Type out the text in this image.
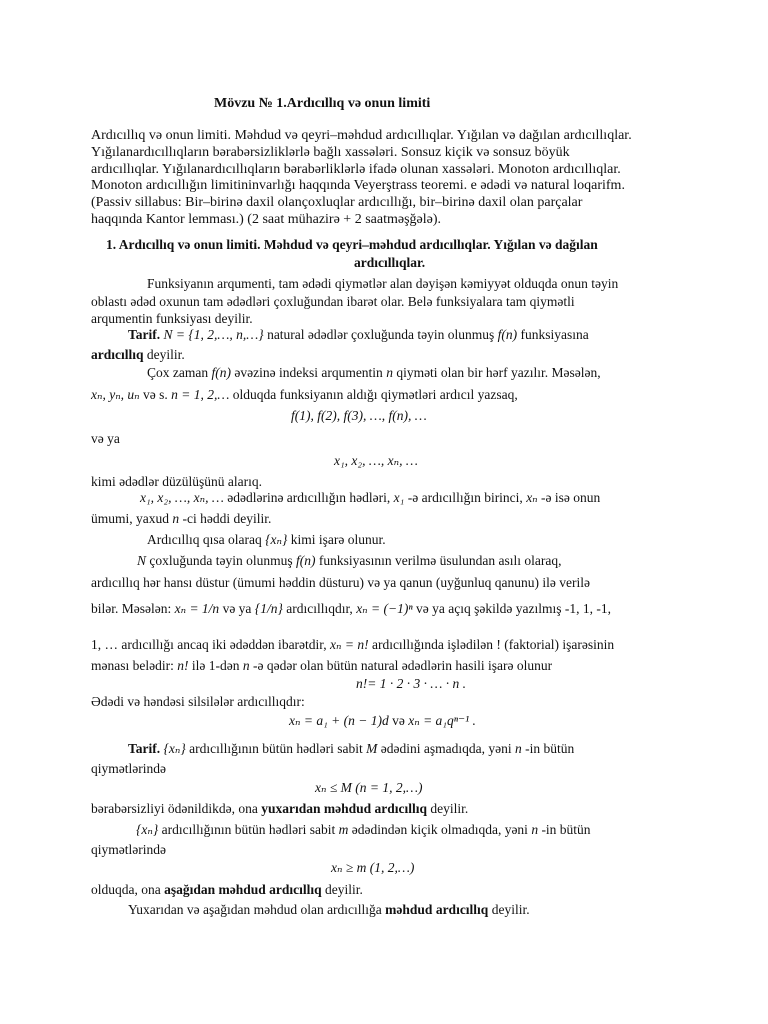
Mövzu № 1.Ardıcıllıq və onun limiti
Ardıcıllıq və onun limiti. Məhdud və qeyri–məhdud ardıcıllıqlar. Yığılan və dağılan ardıcıllıqlar.
Yığılanardıcıllıqların bərabərsizliklərlə bağlı xassələri. Sonsuz kiçik və sonsuz böyük
ardıcıllıqlar. Yığılanardıcıllıqların bərabərliklərlə ifadə olunan xassələri. Monoton ardıcıllıqlar.
Monoton ardıcıllığın limitininvarlığı haqqında Veyerştrass teoremi. e ədədi və natural loqarifm.
(Passiv sillabus: Bir–birinə daxil olançoxluqlar ardıcıllığı, bir–birinə daxil olan parçalar
haqqında Kantor lemması.) (2 saat mühazirə + 2 saatməşğələ).
1. Ardıcıllıq və onun limiti. Məhdud və qeyri–məhdud ardıcıllıqlar. Yığılan və dağılan
ardıcıllıqlar.
Funksiyanın arqumenti, tam ədədi qiymətlər alan dəyişən kəmiyyət olduqda onun təyin
oblastı ədəd oxunun tam ədədləri çoxluğundan ibarət olar. Belə funksiyalara tam qiymətli
arqumentin funksiyası deyilir.
Tarif. N = {1, 2,…, n,…} natural ədədlər çoxluğunda təyin olunmuş f(n) funksiyasına
ardıcıllıq deyilir.
Çox zaman f(n) əvəzinə indeksi arqumentin n qiyməti olan bir hərf yazılır. Məsələn,
xₙ, yₙ, uₙ və s. n = 1, 2,… olduqda funksiyanın aldığı qiymətləri ardıcıl yazsaq,
f(1), f(2), f(3), …, f(n), …
və ya
x₁, x₂, …, xₙ, …
kimi ədədlər düzülüşünü alarıq.
x₁, x₂, …, xₙ, … ədədlərinə ardıcıllığın hədləri, x₁ -ə ardıcıllığın birinci, xₙ -ə isə onun
ümumi, yaxud n -ci həddi deyilir.
Ardıcıllıq qısa olaraq {xₙ} kimi işarə olunur.
N çoxluğunda təyin olunmuş f(n) funksiyasının verilmə üsulundan asılı olaraq,
ardıcıllıq hər hansı düstur (ümumi həddin düsturu) və ya qanun (uyğunluq qanunu) ilə verilə
bilər. Məsələn: xₙ = 1/n və ya {1/n} ardıcıllıqdır, xₙ = (−1)ⁿ və ya açıq şəkildə yazılmış -1, 1, -1,
1, … ardıcıllığı ancaq iki ədəddən ibarətdir, xₙ = n! ardıcıllığında işlədilən ! (faktorial) işarəsinin
mənası belədir: n! ilə 1-dən n -ə qədər olan bütün natural ədədlərin hasili işarə olunur
n!= 1 · 2 · 3 · … · n .
Ədədi və həndəsi silsilələr ardıcıllıqdır:
xₙ = a₁ + (n − 1)d və xₙ = a₁qⁿ⁻¹ .
Tarif. {xₙ} ardıcıllığının bütün hədləri sabit M ədədini aşmadıqda, yəni n -in bütün
qiymətlərində
xₙ ≤ M (n = 1, 2,…)
bərabərsizliyi ödənildikdə, ona yuxarıdan məhdud ardıcıllıq deyilir.
{xₙ} ardıcıllığının bütün hədləri sabit m ədədindən kiçik olmadıqda, yəni n -in bütün
qiymətlərində
xₙ ≥ m (1, 2,…)
olduqda, ona aşağıdan məhdud ardıcıllıq deyilir.
Yuxarıdan və aşağıdan məhdud olan ardıcıllığa məhdud ardıcıllıq deyilir.
